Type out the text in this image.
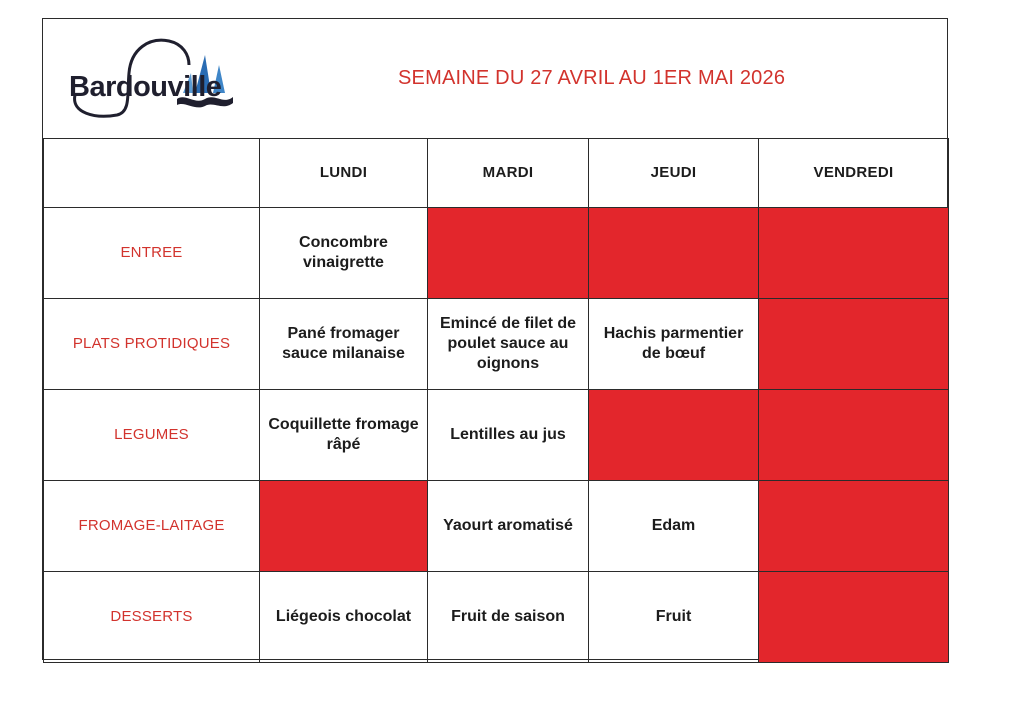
Bardouville	SEMAINE DU 27 AVRIL AU 1ER MAI 2026
	LUNDI	MARDI	JEUDI	VENDREDI
ENTREE	Concombre vinaigrette			
PLATS PROTIDIQUES	Pané fromager sauce milanaise	Emincé de filet de poulet sauce au oignons	Hachis parmentier de bœuf	
LEGUMES	Coquillette fromage râpé	Lentilles au jus		
FROMAGE-LAITAGE		Yaourt aromatisé	Edam	
DESSERTS	Liégeois chocolat	Fruit de saison	Fruit	
